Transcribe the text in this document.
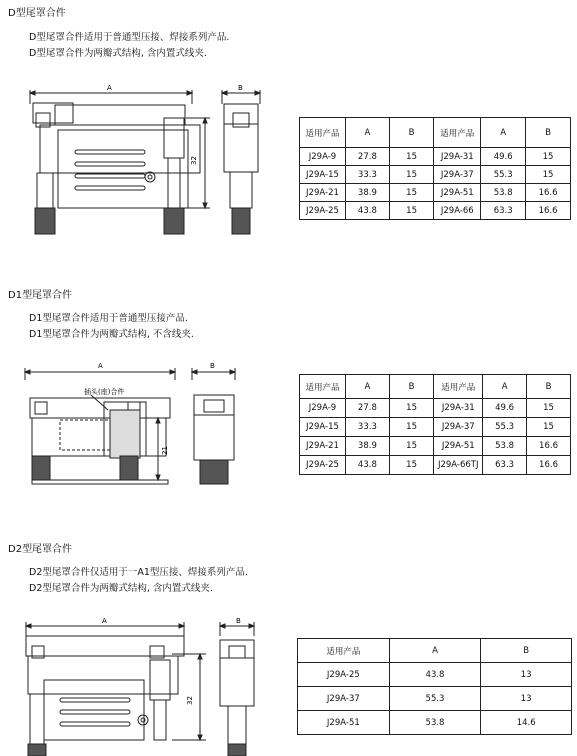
D型尾罩合件
D型尾罩合件适用于普通型压接、焊接系列产品.
D型尾罩合件为两瓣式结构, 含内置式线夹.
A	B
32
适用产品	A	B	适用产品	A	B
J29A-9	27.8	15	J29A-31	49.6	15
J29A-15	33.3	15	J29A-37	55.3	15
J29A-21	38.9	15	J29A-51	53.8	16.6
J29A-25	43.8	15	J29A-66	63.3	16.6
D1型尾罩合件
D1型尾罩合件适用于普通型压接产品.
D1型尾罩合件为两瓣式结构, 不含线夹.
A	B
插头(座)合件
21
适用产品	A	B	适用产品	A	B
J29A-9	27.8	15	J29A-31	49.6	15
J29A-15	33.3	15	J29A-37	55.3	15
J29A-21	38.9	15	J29A-51	53.8	16.6
J29A-25	43.8	15	J29A-66TJ	63.3	16.6
D2型尾罩合件
D2型尾罩合件仅适用于一A1型压接、焊接系列产品.
D2型尾罩合件为两瓣式结构, 含内置式线夹.
A	B
32
适用产品	A	B
J29A-25	43.8	13
J29A-37	55.3	13
J29A-51	53.8	14.6
